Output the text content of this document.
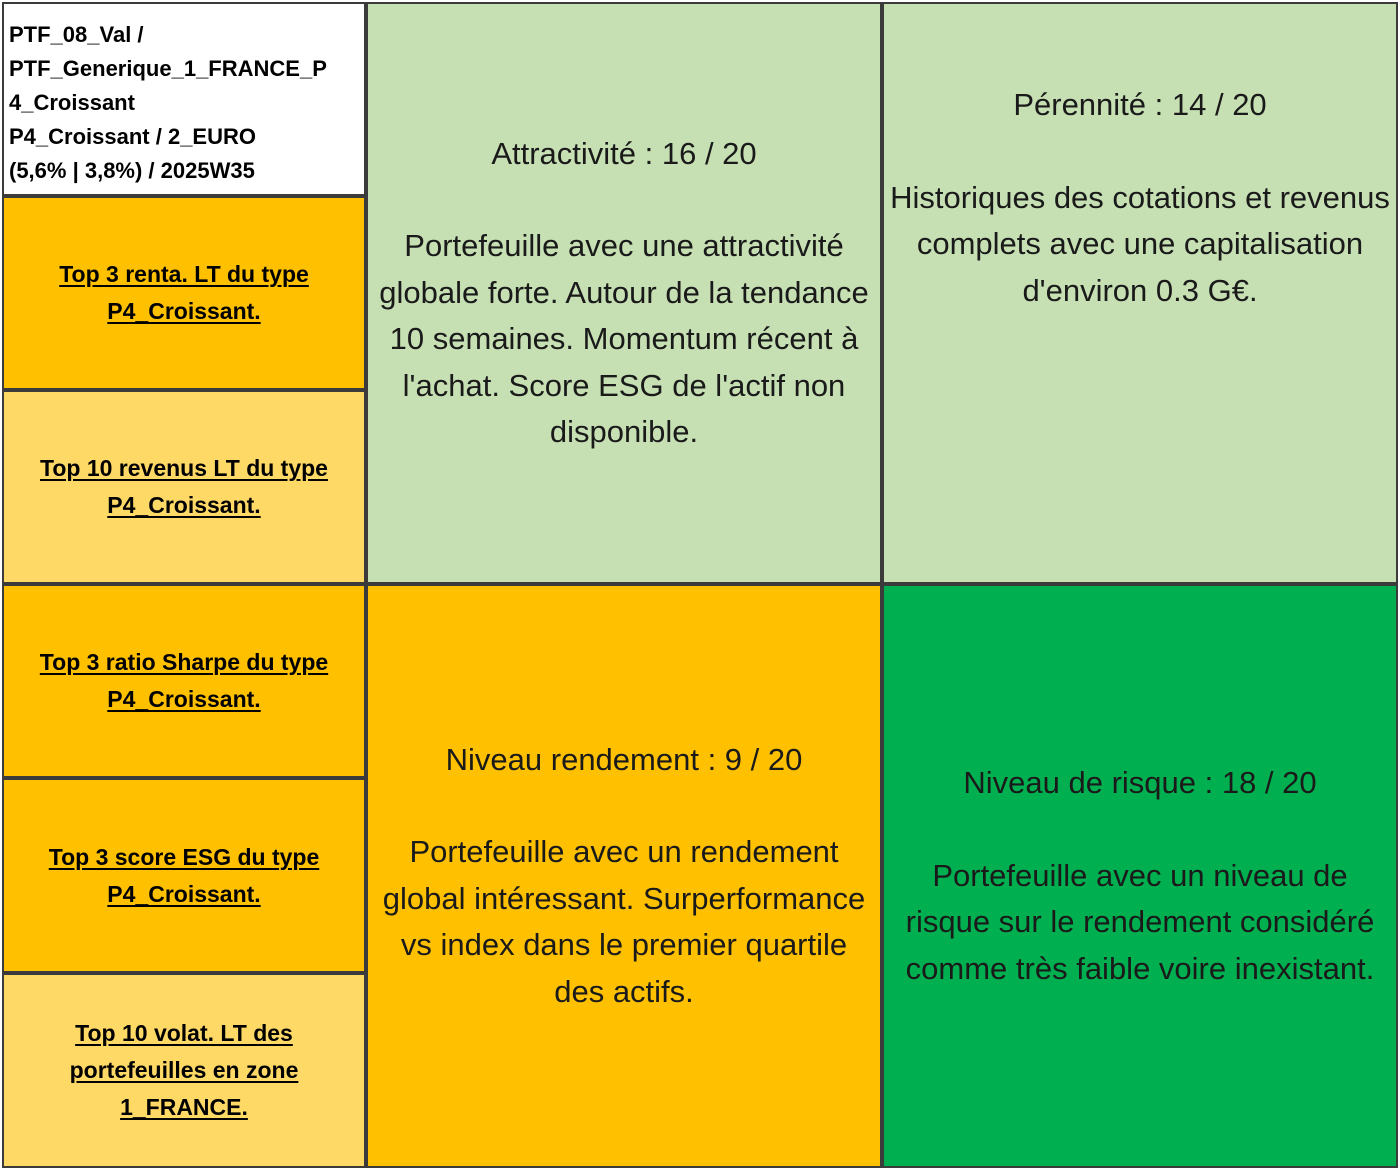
PTF_08_Val /
PTF_Generique_1_FRANCE_P
4_Croissant
P4_Croissant / 2_EURO
(5,6% | 3,8%) / 2025W35
Top 3 renta. LT du type
P4_Croissant.
Top 10 revenus LT du type
P4_Croissant.
Top 3 ratio Sharpe du type
P4_Croissant.
Top 3 score ESG du type
P4_Croissant.
Top 10 volat. LT des
portefeuilles en zone
1_FRANCE.
Attractivité : 16 / 20
Portefeuille avec une attractivité globale forte. Autour de la tendance 10 semaines. Momentum récent à l'achat. Score ESG de l'actif non disponible.
Pérennité : 14 / 20
Historiques des cotations et revenus complets avec une capitalisation d'environ 0.3 G€.
Niveau rendement : 9 / 20
Portefeuille avec un rendement global intéressant. Surperformance vs index dans le premier quartile des actifs.
Niveau de risque : 18 / 20
Portefeuille avec un niveau de risque sur le rendement considéré comme très faible voire inexistant.
